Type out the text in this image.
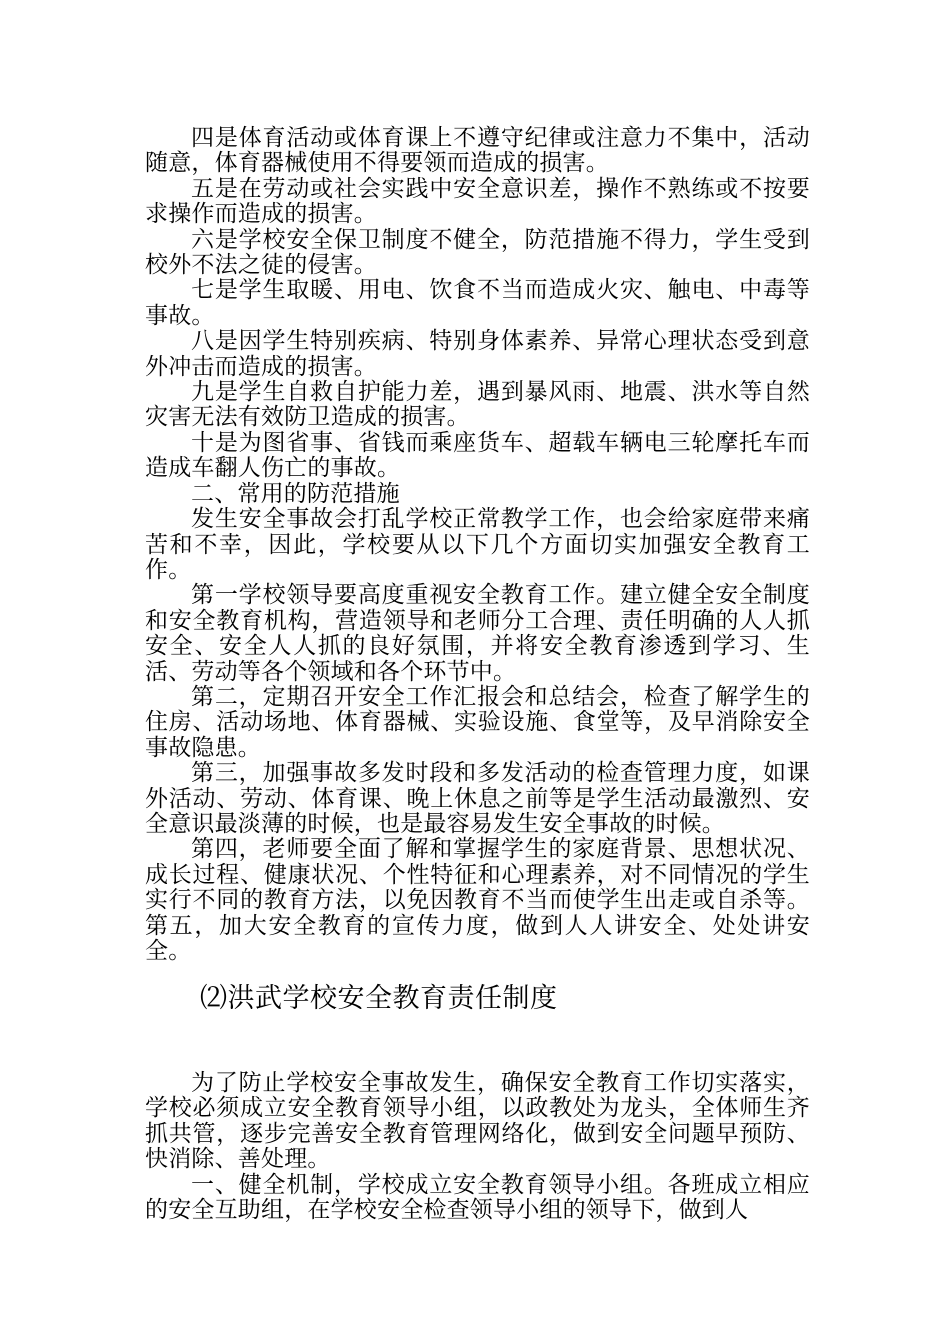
四是体育活动或体育课上不遵守纪律或注意力不集中，活动随意，体育器械使用不得要领而造成的损害。

五是在劳动或社会实践中安全意识差，操作不熟练或不按要求操作而造成的损害。

六是学校安全保卫制度不健全，防范措施不得力，学生受到校外不法之徒的侵害。

七是学生取暖、用电、饮食不当而造成火灾、触电、中毒等事故。

八是因学生特别疾病、特别身体素养、异常心理状态受到意外冲击而造成的损害。

九是学生自救自护能力差，遇到暴风雨、地震、洪水等自然灾害无法有效防卫造成的损害。

十是为图省事、省钱而乘座货车、超载车辆电三轮摩托车而造成车翻人伤亡的事故。

二、常用的防范措施

发生安全事故会打乱学校正常教学工作，也会给家庭带来痛苦和不幸，因此，学校要从以下几个方面切实加强安全教育工作。

第一学校领导要高度重视安全教育工作。建立健全安全制度和安全教育机构，营造领导和老师分工合理、责任明确的人人抓安全、安全人人抓的良好氛围，并将安全教育渗透到学习、生活、劳动等各个领域和各个环节中。

第二，定期召开安全工作汇报会和总结会，检查了解学生的住房、活动场地、体育器械、实验设施、食堂等，及早消除安全事故隐患。

第三，加强事故多发时段和多发活动的检查管理力度，如课外活动、劳动、体育课、晚上休息之前等是学生活动最激烈、安全意识最淡薄的时候，也是最容易发生安全事故的时候。

第四，老师要全面了解和掌握学生的家庭背景、思想状况、成长过程、健康状况、个性特征和心理素养，对不同情况的学生实行不同的教育方法，以免因教育不当而使学生出走或自杀等。第五，加大安全教育的宣传力度，做到人人讲安全、处处讲安全。

⑵洪武学校安全教育责任制度

为了防止学校安全事故发生，确保安全教育工作切实落实，学校必须成立安全教育领导小组，以政教处为龙头，全体师生齐抓共管，逐步完善安全教育管理网络化，做到安全问题早预防、快消除、善处理。

一、健全机制，学校成立安全教育领导小组。各班成立相应的安全互助组，在学校安全检查领导小组的领导下，做到人
